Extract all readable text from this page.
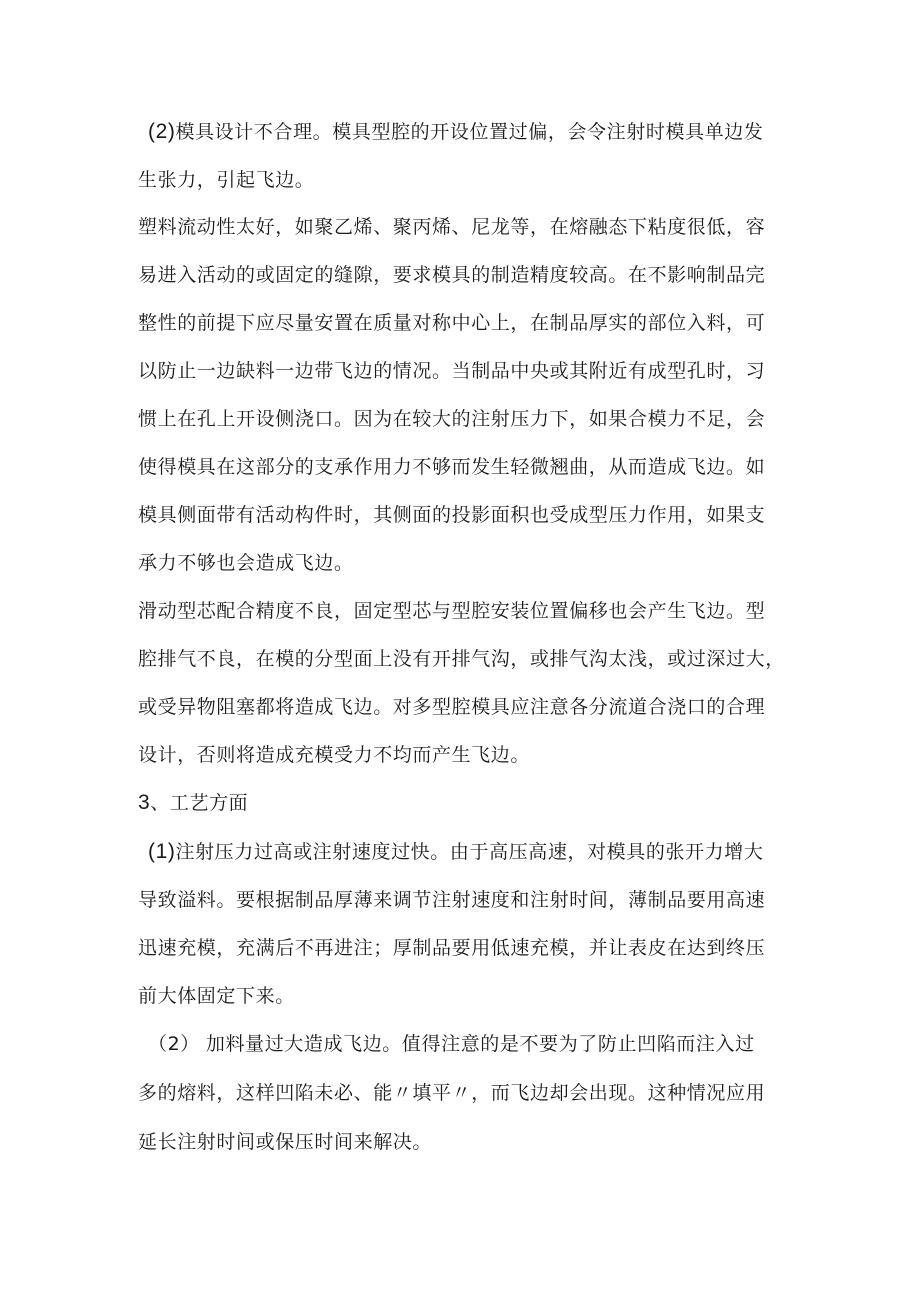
(2)模具设计不合理。模具型腔的开设位置过偏，会令注射时模具单边发
生张力，引起飞边。
塑料流动性太好，如聚乙烯、聚丙烯、尼龙等，在熔融态下粘度很低，容
易进入活动的或固定的缝隙，要求模具的制造精度较高。在不影响制品完
整性的前提下应尽量安置在质量对称中心上，在制品厚实的部位入料，可
以防止一边缺料一边带飞边的情况。当制品中央或其附近有成型孔时，习
惯上在孔上开设侧浇口。因为在较大的注射压力下，如果合模力不足，会
使得模具在这部分的支承作用力不够而发生轻微翘曲，从而造成飞边。如
模具侧面带有活动构件时，其侧面的投影面积也受成型压力作用，如果支
承力不够也会造成飞边。
滑动型芯配合精度不良，固定型芯与型腔安装位置偏移也会产生飞边。型
腔排气不良，在模的分型面上没有开排气沟，或排气沟太浅，或过深过大，
或受异物阻塞都将造成飞边。对多型腔模具应注意各分流道合浇口的合理
设计，否则将造成充模受力不均而产生飞边。
3、工艺方面
(1)注射压力过高或注射速度过快。由于高压高速，对模具的张开力增大
导致溢料。要根据制品厚薄来调节注射速度和注射时间，薄制品要用高速
迅速充模，充满后不再进注；厚制品要用低速充模，并让表皮在达到终压
前大体固定下来。
（2） 加料量过大造成飞边。值得注意的是不要为了防止凹陷而注入过
多的熔料，这样凹陷未必、能〃填平〃，而飞边却会出现。这种情况应用
延长注射时间或保压时间来解决。
